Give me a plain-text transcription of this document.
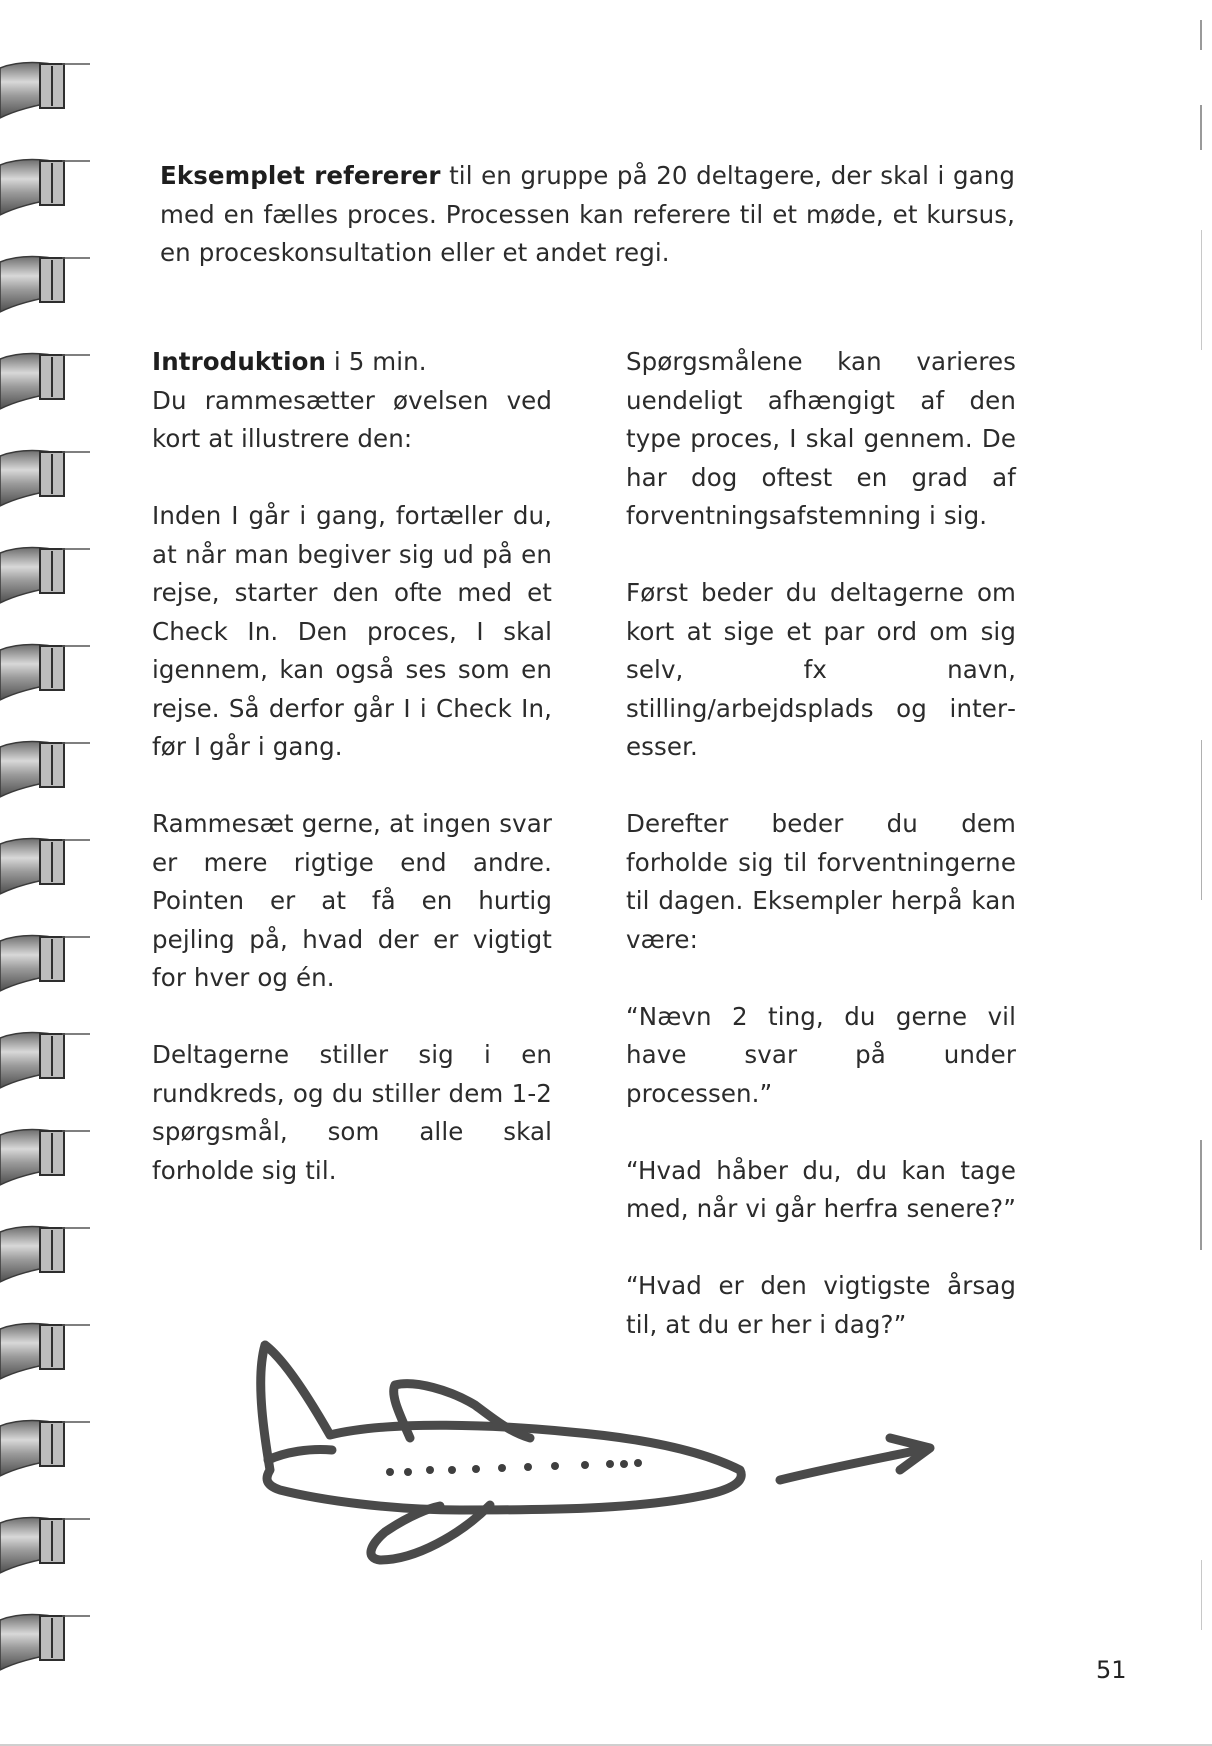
Eksemplet refererer til en gruppe på 20 deltagere, der skal i gang med en fælles proces. Processen kan referere til et møde, et kursus, en proceskonsultation eller et andet regi.

Introduktion i 5 min.

Du rammesætter øvelsen ved kort at illustrere den:

Inden I går i gang, fortæller du, at når man begiver sig ud på en rejse, starter den ofte med et Check In. Den proces, I skal igennem, kan også ses som en rejse. Så derfor går I i Check In, før I går i gang.

Rammesæt gerne, at ingen svar er mere rigtige end andre. Pointen er at få en hurtig pejling på, hvad der er vigtigt for hver og én.

Deltagerne stiller sig i en rundkreds, og du stiller dem 1-2 spørgsmål, som alle skal forholde sig til.

Spørgsmålene kan varieres uendeligt afhængigt af den type proces, I skal gennem. De har dog oftest en grad af forventningsafstemning i sig.

Først beder du deltagerne om kort at sige et par ord om sig selv, fx navn, stilling/arbejdsplads og interesser.

Derefter beder du dem forholde sig til forventningerne til dagen. Eksempler herpå kan være:

“Nævn 2 ting, du gerne vil have svar på under processen.”

“Hvad håber du, du kan tage med, når vi går herfra senere?”

“Hvad er den vigtigste årsag til, at du er her i dag?”

51
